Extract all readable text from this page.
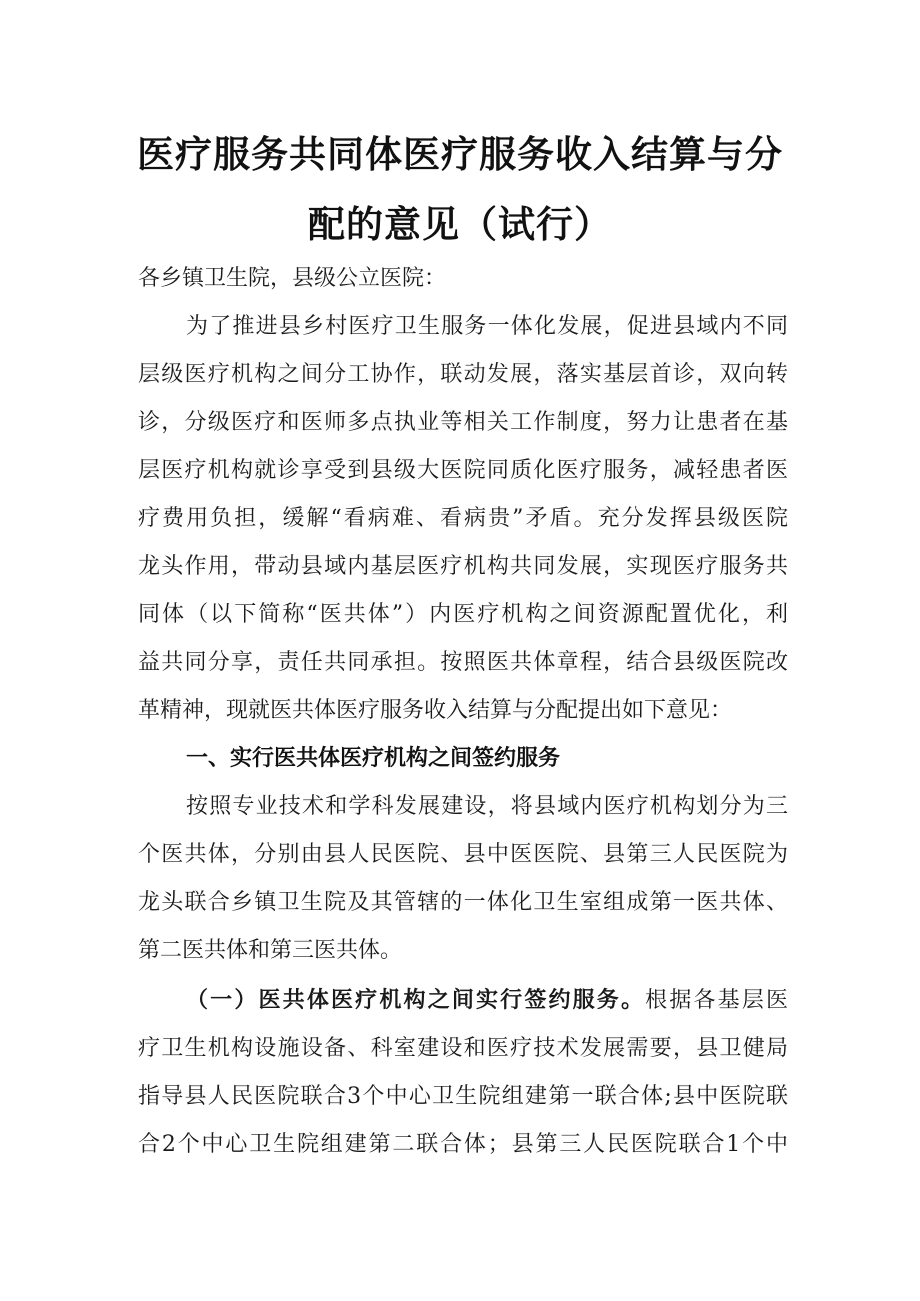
医疗服务共同体医疗服务收入结算与分
配的意见（试行）
各乡镇卫生院，县级公立医院：
为了推进县乡村医疗卫生服务一体化发展，促进县域内不同
层级医疗机构之间分工协作，联动发展，落实基层首诊，双向转
诊，分级医疗和医师多点执业等相关工作制度，努力让患者在基
层医疗机构就诊享受到县级大医院同质化医疗服务，减轻患者医
疗费用负担，缓解“看病难、看病贵”矛盾。充分发挥县级医院
龙头作用，带动县域内基层医疗机构共同发展，实现医疗服务共
同体（以下简称“医共体”）内医疗机构之间资源配置优化，利
益共同分享，责任共同承担。按照医共体章程，结合县级医院改
革精神，现就医共体医疗服务收入结算与分配提出如下意见：
一、实行医共体医疗机构之间签约服务
按照专业技术和学科发展建设，将县域内医疗机构划分为三
个医共体，分别由县人民医院、县中医医院、县第三人民医院为
龙头联合乡镇卫生院及其管辖的一体化卫生室组成第一医共体、
第二医共体和第三医共体。
（一）医共体医疗机构之间实行签约服务。根据各基层医
疗卫生机构设施设备、科室建设和医疗技术发展需要，县卫健局
指导县人民医院联合3个中心卫生院组建第一联合体;县中医院联
合2个中心卫生院组建第二联合体；县第三人民医院联合1个中
